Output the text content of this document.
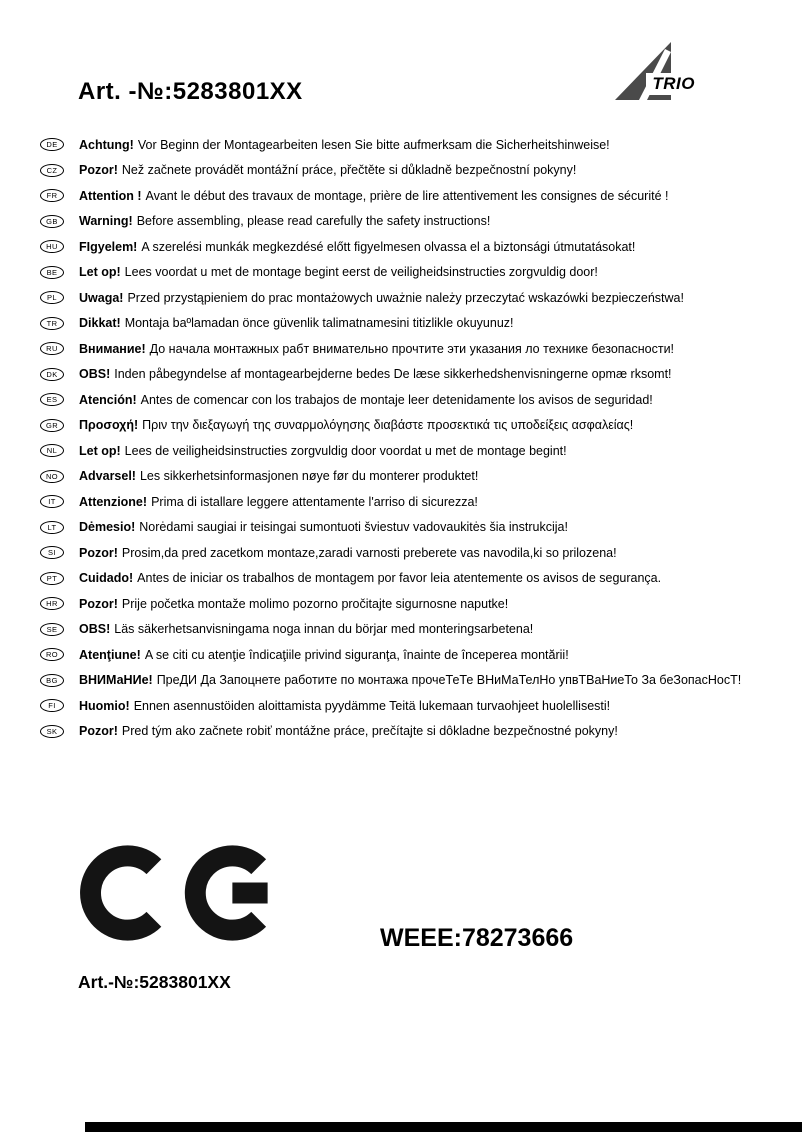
Art. -№:5283801XX	TRIO
DE	Achtung! Vor Beginn der Montagearbeiten lesen Sie bitte aufmerksam die Sicherheitshinweise!
CZ	Pozor! Než začnete provádět montážní práce, přečtěte si důkladně bezpečnostní pokyny!
FR	Attention ! Avant le début des travaux de montage, prière de lire attentivement les consignes de sécurité !
GB	Warning! Before assembling, please read carefully the safety instructions!
HU	FIgyelem! A szerelési munkák megkezdésé előtt figyelmesen olvassa el a biztonsági útmutatásokat!
BE	Let op! Lees voordat u met de montage begint eerst de veiligheidsinstructies zorgvuldig door!
PL	Uwaga! Przed przystąpieniem do prac montażowych uważnie należy przeczytać wskazówki bezpieczeństwa!
TR	Dikkat! Montaja baºlamadan önce güvenlik talimatnamesini titizlikle okuyunuz!
RU	Внимание! До начала монтажных рабт внимательно прочтите эти указания ло технике безопасности!
DK	OBS! Inden påbegyndelse af montagearbejderne bedes De læse sikkerhedshenvisningerne opmæ rksomt!
ES	Atención! Antes de comencar con los trabajos de montaje leer detenidamente los avisos de seguridad!
GR	Προσοχή! Πριν την διεξαγωγή της συναρμολόγησης διαβάστε προσεκτικά τις υποδείξεις ασφαλείας!
NL	Let op! Lees de veiligheidsinstructies zorgvuldig door voordat u met de montage begint!
NO	Advarsel! Les sikkerhetsinformasjonen nøye før du monterer produktet!
IT	Attenzione! Prima di istallare leggere attentamente l'arriso di sicurezza!
LT	Dėmesio! Norėdami saugiai ir teisingai sumontuoti šviestuv vadovaukitės šia instrukcija!
SI	Pozor! Prosim,da pred zacetkom montaze,zaradi varnosti preberete vas navodila,ki so prilozena!
PT	Cuidado! Antes de iniciar os trabalhos de montagem por favor leia atentemente os avisos de segurança.
HR	Pozor! Prije početka montaže molimo pozorno pročitajte sigurnosne naputke!
SE	OBS! Läs säkerhetsanvisningama noga innan du börjar med monteringsarbetena!
RO	Atenţiune! A se citi cu atenţie îndicaţiile privind siguranţa, înainte de începerea montării!
BG	ВНИМаНИе! ПреДИ Да Запоцнете работите по монтажа прочеТеТе ВНиМаТелНо упвТВаНиеТо За беЗопасНосТ!
FI	Huomio! Ennen asennustöiden aloittamista pyydämme Teitä lukemaan turvaohjeet huolellisesti!
SK	Pozor! Pred tým ako začnete robiť montážne práce, prečítajte si dôkladne bezpečnostné pokyny!
WEEE:78273666
Art.-№:5283801XX
